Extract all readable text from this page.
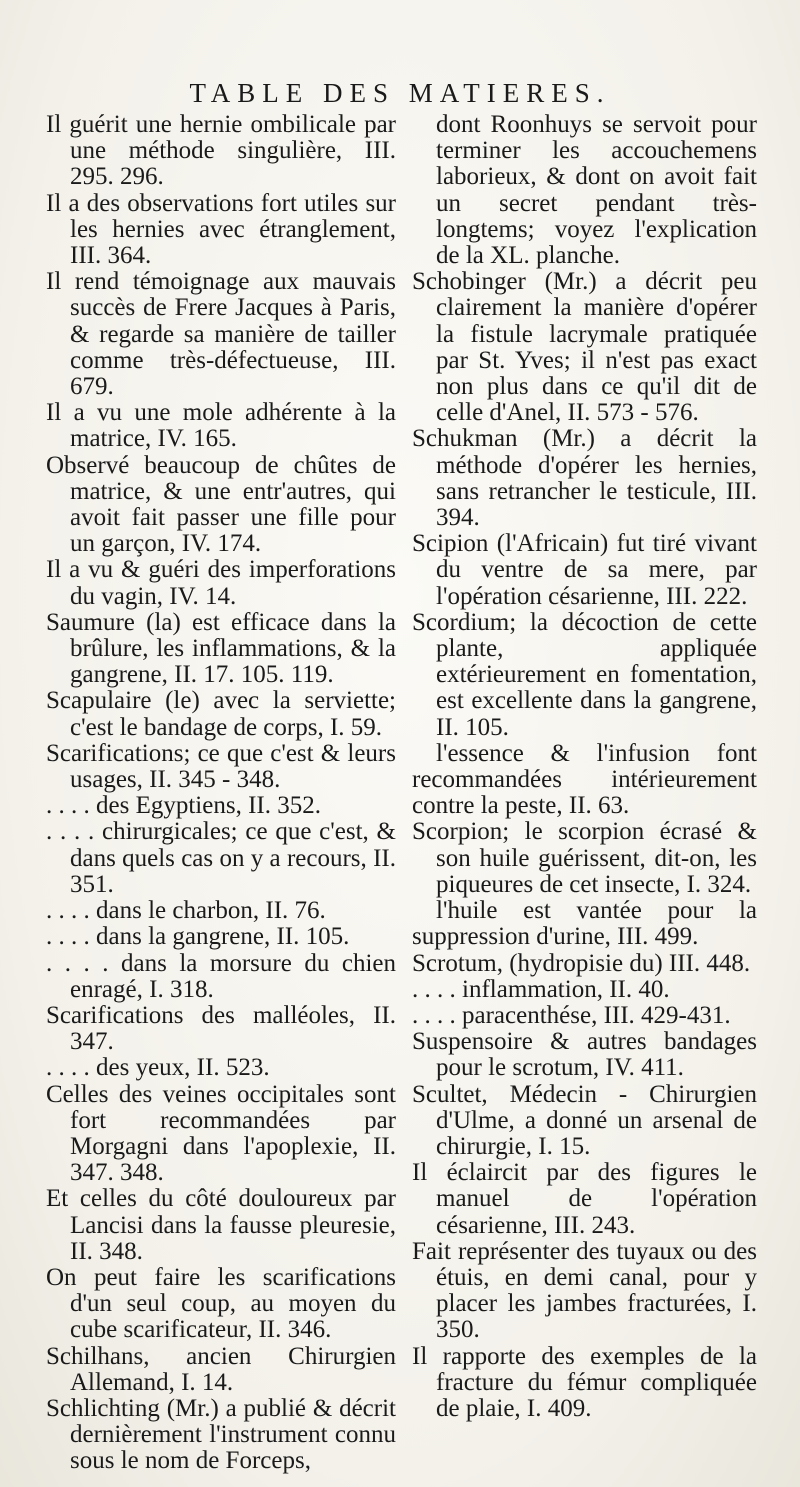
TABLE DES MATIERES.

Il guérit une hernie ombilicale par une méthode singulière, III. 295. 296.

Il a des observations fort utiles sur les hernies avec étranglement, III. 364.

Il rend témoignage aux mauvais succès de Frere Jacques à Paris, & regarde sa manière de tailler comme très-défectueuse, III. 679.

Il a vu une mole adhérente à la matrice, IV. 165.

Observé beaucoup de chûtes de matrice, & une entr'autres, qui avoit fait passer une fille pour un garçon, IV. 174.

Il a vu & guéri des imperforations du vagin, IV. 14.

Saumure (la) est efficace dans la brûlure, les inflammations, & la gangrene, II. 17. 105. 119.

Scapulaire (le) avec la serviette; c'est le bandage de corps, I. 59.

Scarifications; ce que c'est & leurs usages, II. 345 - 348.

. . . . des Egyptiens, II. 352.

. . . . chirurgicales; ce que c'est, & dans quels cas on y a recours, II. 351.

. . . . dans le charbon, II. 76.

. . . . dans la gangrene, II. 105.

. . . . dans la morsure du chien enragé, I. 318.

Scarifications des malléoles, II. 347.

. . . . des yeux, II. 523.

Celles des veines occipitales sont fort recommandées par Morgagni dans l'apoplexie, II. 347. 348.

Et celles du côté douloureux par Lancisi dans la fausse pleuresie, II. 348.

On peut faire les scarifications d'un seul coup, au moyen du cube scarificateur, II. 346.

Schilhans, ancien Chirurgien Allemand, I. 14.

Schlichting (Mr.) a publié & décrit dernièrement l'instrument connu sous le nom de Forceps,

dont Roonhuys se servoit pour terminer les accouchemens laborieux, & dont on avoit fait un secret pendant très-longtems; voyez l'explication de la XL. planche.

Schobinger (Mr.) a décrit peu clairement la manière d'opérer la fistule lacrymale pratiquée par St. Yves; il n'est pas exact non plus dans ce qu'il dit de celle d'Anel, II. 573 - 576.

Schukman (Mr.) a décrit la méthode d'opérer les hernies, sans retrancher le testicule, III. 394.

Scipion (l'Africain) fut tiré vivant du ventre de sa mere, par l'opération césarienne, III. 222.

Scordium; la décoction de cette plante, appliquée extérieurement en fomentation, est excellente dans la gangrene, II. 105.

l'essence & l'infusion font recommandées intérieurement contre la peste, II. 63.

Scorpion; le scorpion écrasé & son huile guérissent, dit-on, les piqueures de cet insecte, I. 324.

l'huile est vantée pour la suppression d'urine, III. 499.

Scrotum, (hydropisie du) III. 448.

. . . . inflammation, II. 40.

. . . . paracenthése, III. 429-431.

Suspensoire & autres bandages pour le scrotum, IV. 411.

Scultet, Médecin - Chirurgien d'Ulme, a donné un arsenal de chirurgie, I. 15.

Il éclaircit par des figures le manuel de l'opération césarienne, III. 243.

Fait représenter des tuyaux ou des étuis, en demi canal, pour y placer les jambes fracturées, I. 350.

Il rapporte des exemples de la fracture du fémur compliquée de plaie, I. 409.
